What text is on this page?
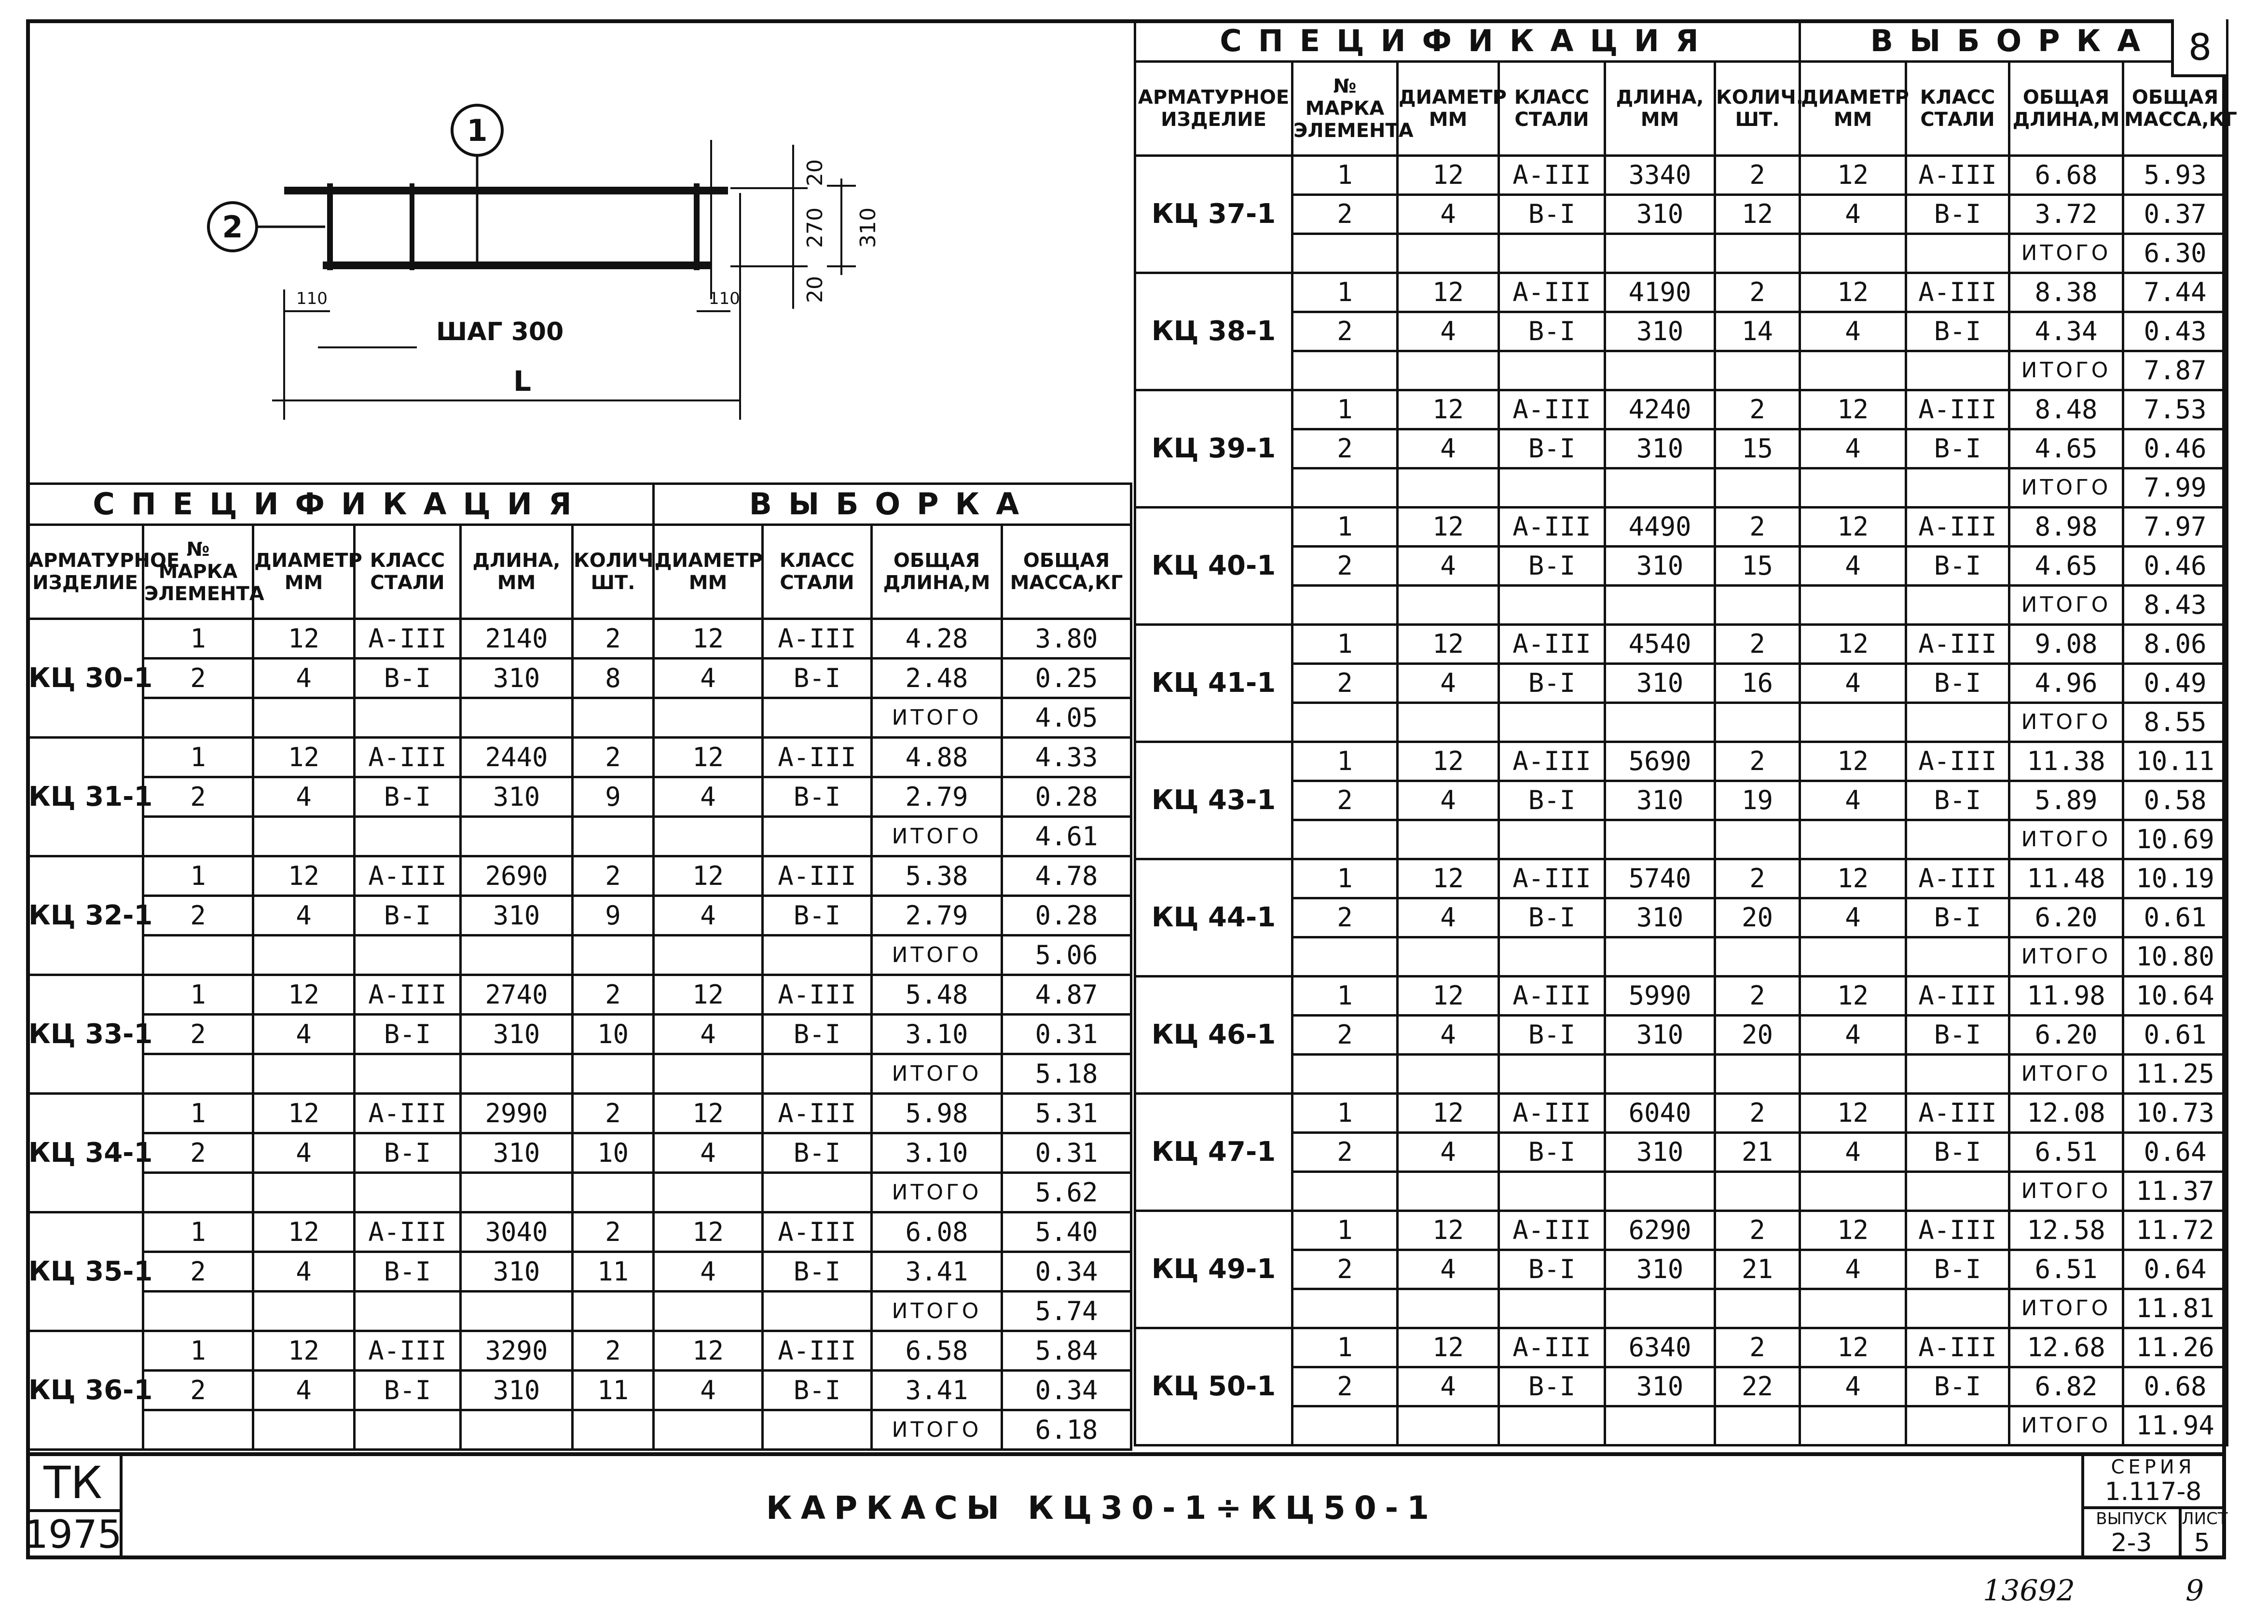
1
2
20
270
20
310
110	110
ШАГ 300
L
СПЕЦИФИКАЦИЯ						ВЫБОРКА			
АРМАТУРНОЕ ИЗДЕЛИЕ	№ МАРКА ЭЛЕМЕНТА	ДИАМЕТР ММ	КЛАСС СТАЛИ	ДЛИНА, ММ	КОЛИЧ. ШТ.	ДИАМЕТР ММ	КЛАСС СТАЛИ	ОБЩАЯ ДЛИНА,М	ОБЩАЯ МАССА,КГ
КЦ 30-1	1	12	A-III	2140	2	12	A-III	4.28	3.80
	2	4	B-I	310	8	4	B-I	2.48	0.25
								ИТОГО	4.05
КЦ 31-1	1	12	A-III	2440	2	12	A-III	4.88	4.33
	2	4	B-I	310	9	4	B-I	2.79	0.28
								ИТОГО	4.61
КЦ 32-1	1	12	A-III	2690	2	12	A-III	5.38	4.78
	2	4	B-I	310	9	4	B-I	2.79	0.28
								ИТОГО	5.06
КЦ 33-1	1	12	A-III	2740	2	12	A-III	5.48	4.87
	2	4	B-I	310	10	4	B-I	3.10	0.31
								ИТОГО	5.18
КЦ 34-1	1	12	A-III	2990	2	12	A-III	5.98	5.31
	2	4	B-I	310	10	4	B-I	3.10	0.31
								ИТОГО	5.62
КЦ 35-1	1	12	A-III	3040	2	12	A-III	6.08	5.40
	2	4	B-I	310	11	4	B-I	3.41	0.34
								ИТОГО	5.74
КЦ 36-1	1	12	A-III	3290	2	12	A-III	6.58	5.84
	2	4	B-I	310	11	4	B-I	3.41	0.34
								ИТОГО	6.18
СПЕЦИФИКАЦИЯ						ВЫБОРКА			
АРМАТУРНОЕ ИЗДЕЛИЕ	№ МАРКА ЭЛЕМЕНТА	ДИАМЕТР ММ	КЛАСС СТАЛИ	ДЛИНА, ММ	КОЛИЧ. ШТ.	ДИАМЕТР ММ	КЛАСС СТАЛИ	ОБЩАЯ ДЛИНА,М	ОБЩАЯ МАССА,КГ
КЦ 37-1	1	12	A-III	3340	2	12	A-III	6.68	5.93
	2	4	B-I	310	12	4	B-I	3.72	0.37
								ИТОГО	6.30
КЦ 38-1	1	12	A-III	4190	2	12	A-III	8.38	7.44
	2	4	B-I	310	14	4	B-I	4.34	0.43
								ИТОГО	7.87
КЦ 39-1	1	12	A-III	4240	2	12	A-III	8.48	7.53
	2	4	B-I	310	15	4	B-I	4.65	0.46
								ИТОГО	7.99
КЦ 40-1	1	12	A-III	4490	2	12	A-III	8.98	7.97
	2	4	B-I	310	15	4	B-I	4.65	0.46
								ИТОГО	8.43
КЦ 41-1	1	12	A-III	4540	2	12	A-III	9.08	8.06
	2	4	B-I	310	16	4	B-I	4.96	0.49
								ИТОГО	8.55
КЦ 43-1	1	12	A-III	5690	2	12	A-III	11.38	10.11
	2	4	B-I	310	19	4	B-I	5.89	0.58
								ИТОГО	10.69
КЦ 44-1	1	12	A-III	5740	2	12	A-III	11.48	10.19
	2	4	B-I	310	20	4	B-I	6.20	0.61
								ИТОГО	10.80
КЦ 46-1	1	12	A-III	5990	2	12	A-III	11.98	10.64
	2	4	B-I	310	20	4	B-I	6.20	0.61
								ИТОГО	11.25
КЦ 47-1	1	12	A-III	6040	2	12	A-III	12.08	10.73
	2	4	B-I	310	21	4	B-I	6.51	0.64
								ИТОГО	11.37
КЦ 49-1	1	12	A-III	6290	2	12	A-III	12.58	11.72
	2	4	B-I	310	21	4	B-I	6.51	0.64
								ИТОГО	11.81
КЦ 50-1	1	12	A-III	6340	2	12	A-III	12.68	11.26
	2	4	B-I	310	22	4	B-I	6.82	0.68
								ИТОГО	11.94
8
ТК
1975
КАРКАСЫ КЦ30-1÷КЦ50-1
СЕРИЯ
1.117-8
ВЫПУСК ЛИСТ
2-3	5
13692	9
